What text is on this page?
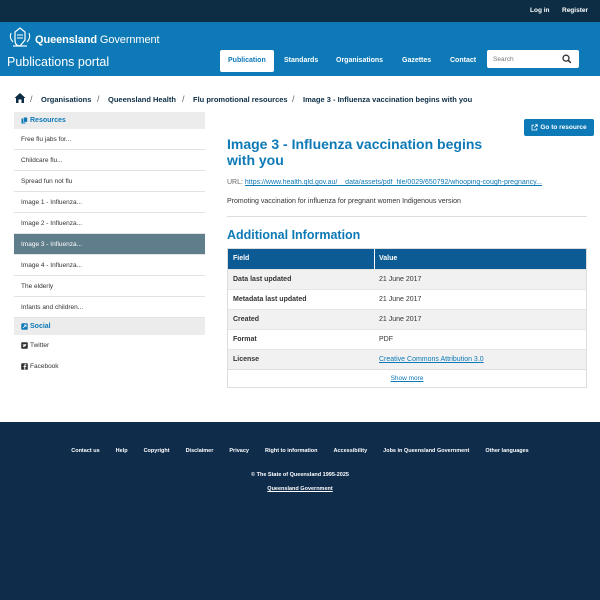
Log in Register
Queensland Government
Publications portal	Publication	Standards	Organisations	Gazettes	Contact
Search
/ Organisations / Queensland Health / Flu promotional resources / Image 3 - Influenza vaccination begins with you
Resources
Free flu jabs for...
Childcare flu...
Spread fun not flu
Image 1 - Influenza...
Image 2 - Influenza...
Image 3 - Influenza...
Image 4 - Influenza...
The elderly
Infants and children...
Social
Twitter
Facebook
Go to resource
Image 3 - Influenza vaccination begins with you
URL: https://www.health.qld.gov.au/__data/assets/pdf_file/0029/650792/whooping-cough-pregnancy...
Promoting vaccination for influenza for pregnant women Indigenous version
Additional Information
Field	Value
Data last updated	21 June 2017
Metadata last updated	21 June 2017
Created	21 June 2017
Format	PDF
License	Creative Commons Attribution 3.0
Show more
Contact us	Help	Copyright	Disclaimer	Privacy	Right to information	Accessibility	Jobs in Queensland Government	Other languages
© The State of Queensland 1995-2025
Queensland Government
